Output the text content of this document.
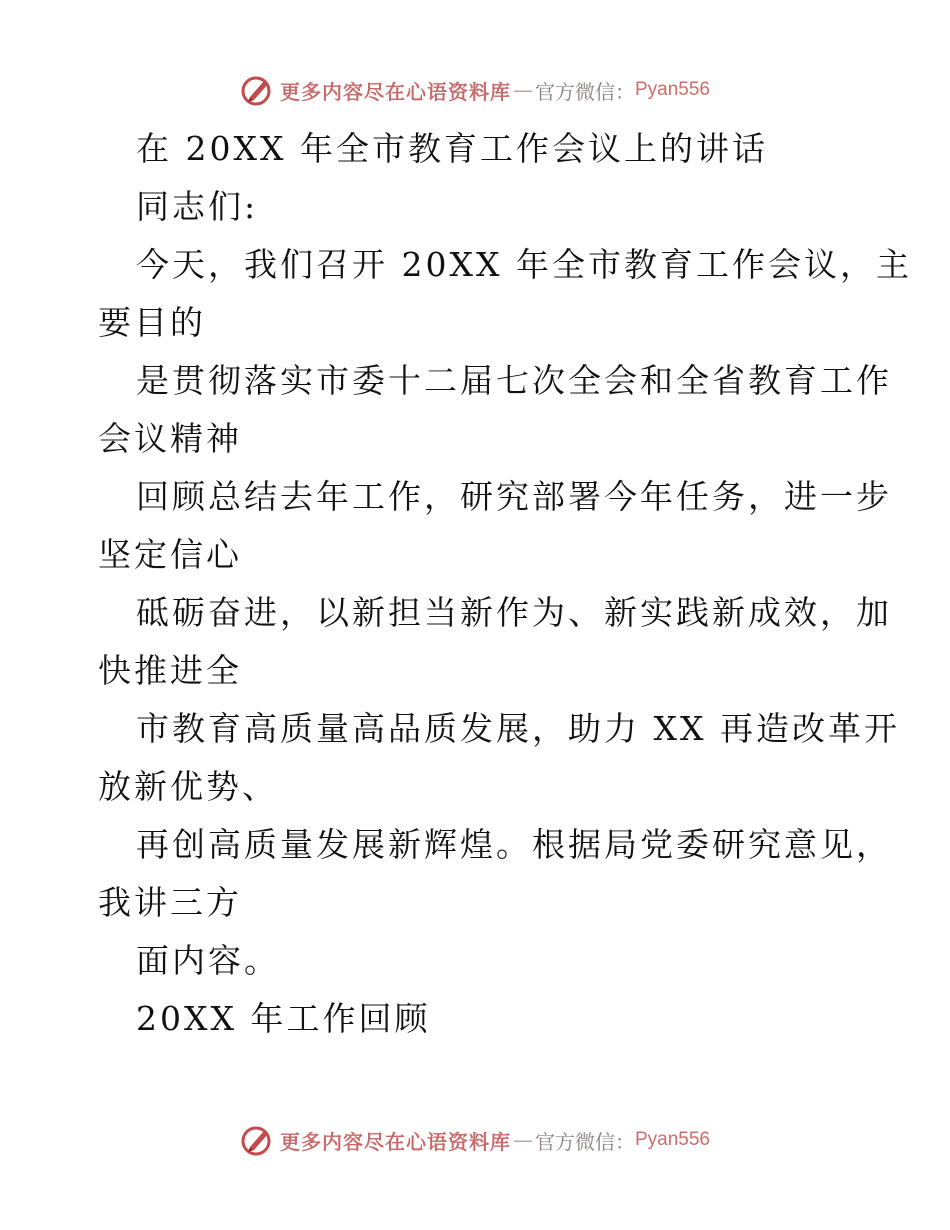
更多内容尽在心语资料库 — 官方微信： Pyan556
在 20XX 年全市教育工作会议上的讲话
同志们:
今天，我们召开 20XX 年全市教育工作会议，主
要目的
是贯彻落实市委十二届七次全会和全省教育工作
会议精神
回顾总结去年工作，研究部署今年任务，进一步
坚定信心
砥砺奋进，以新担当新作为、新实践新成效，加
快推进全
市教育高质量高品质发展，助力 XX 再造改革开
放新优势、
再创高质量发展新辉煌。根据局党委研究意见，
我讲三方
面内容。
20XX 年工作回顾
更多内容尽在心语资料库 — 官方微信： Pyan556
